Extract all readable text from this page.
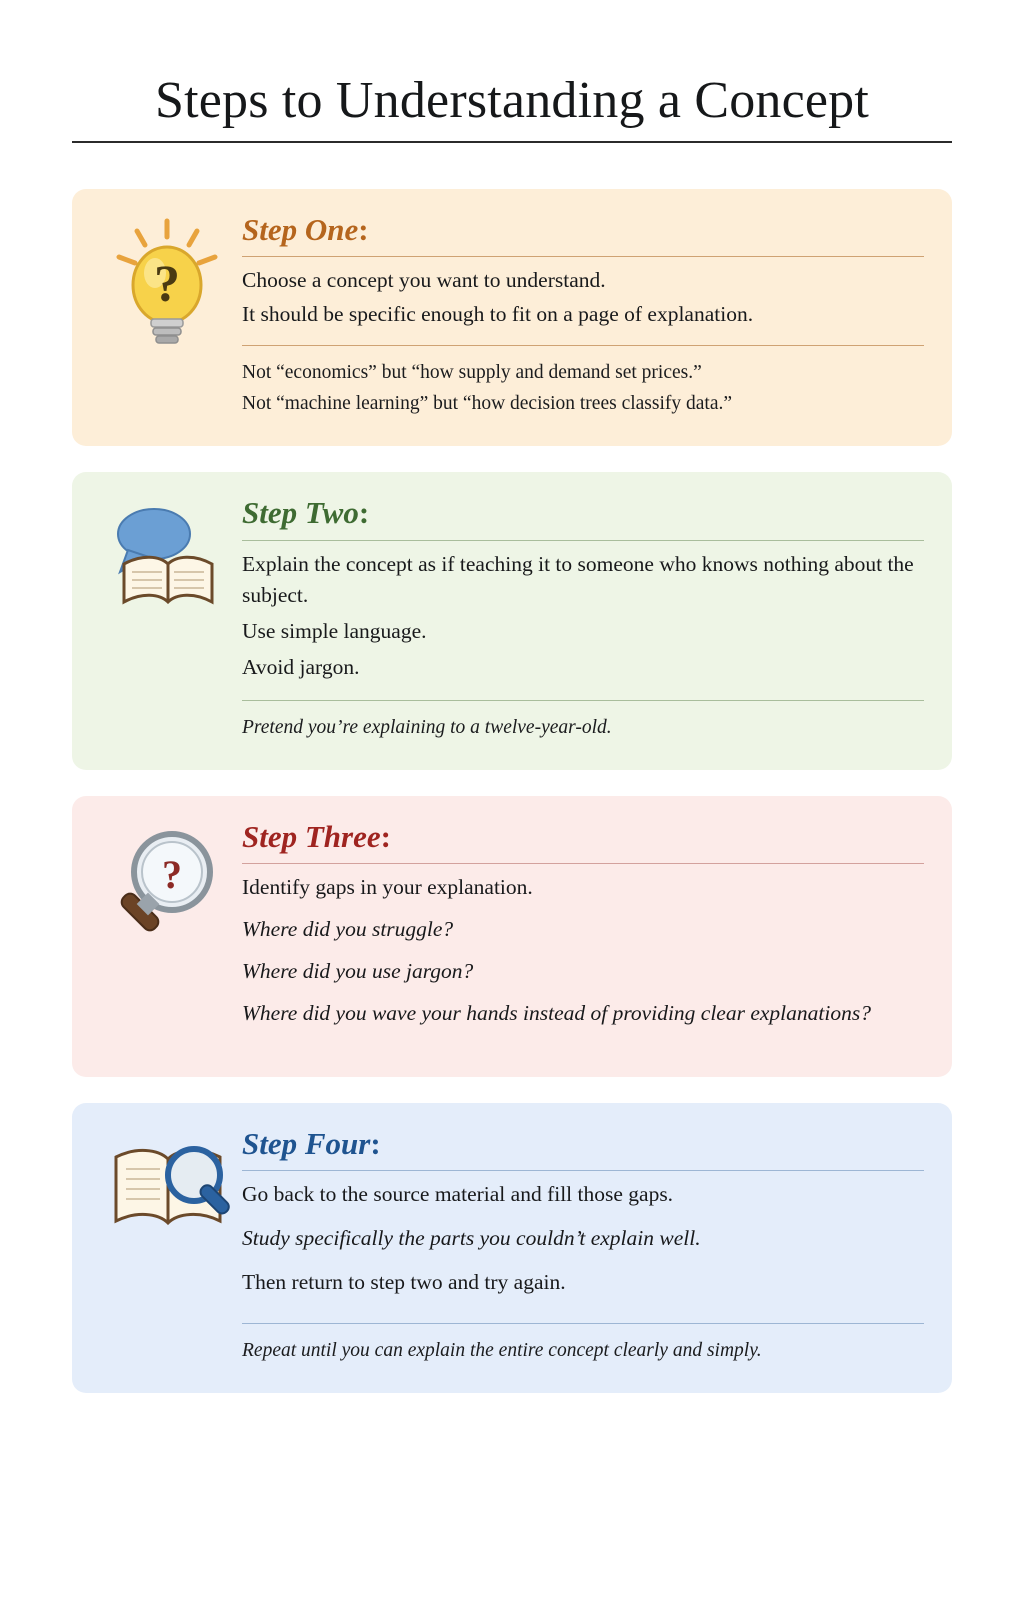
Steps to Understanding a Concept
?
Step One:

Choose a concept you want to understand.

It should be specific enough to fit on a page of explanation.

Not “economics” but “how supply and demand set prices.”

Not “machine learning” but “how decision trees classify data.”

Step Two:

Explain the concept as if teaching it to someone who knows nothing about the subject.

Use simple language.

Avoid jargon.

Pretend you’re explaining to a twelve-year-old.

?
Step Three:

Identify gaps in your explanation.

Where did you struggle?

Where did you use jargon?

Where did you wave your hands instead of providing clear explanations?

Step Four:

Go back to the source material and fill those gaps.

Study specifically the parts you couldn’t explain well.

Then return to step two and try again.

Repeat until you can explain the entire concept clearly and simply.
